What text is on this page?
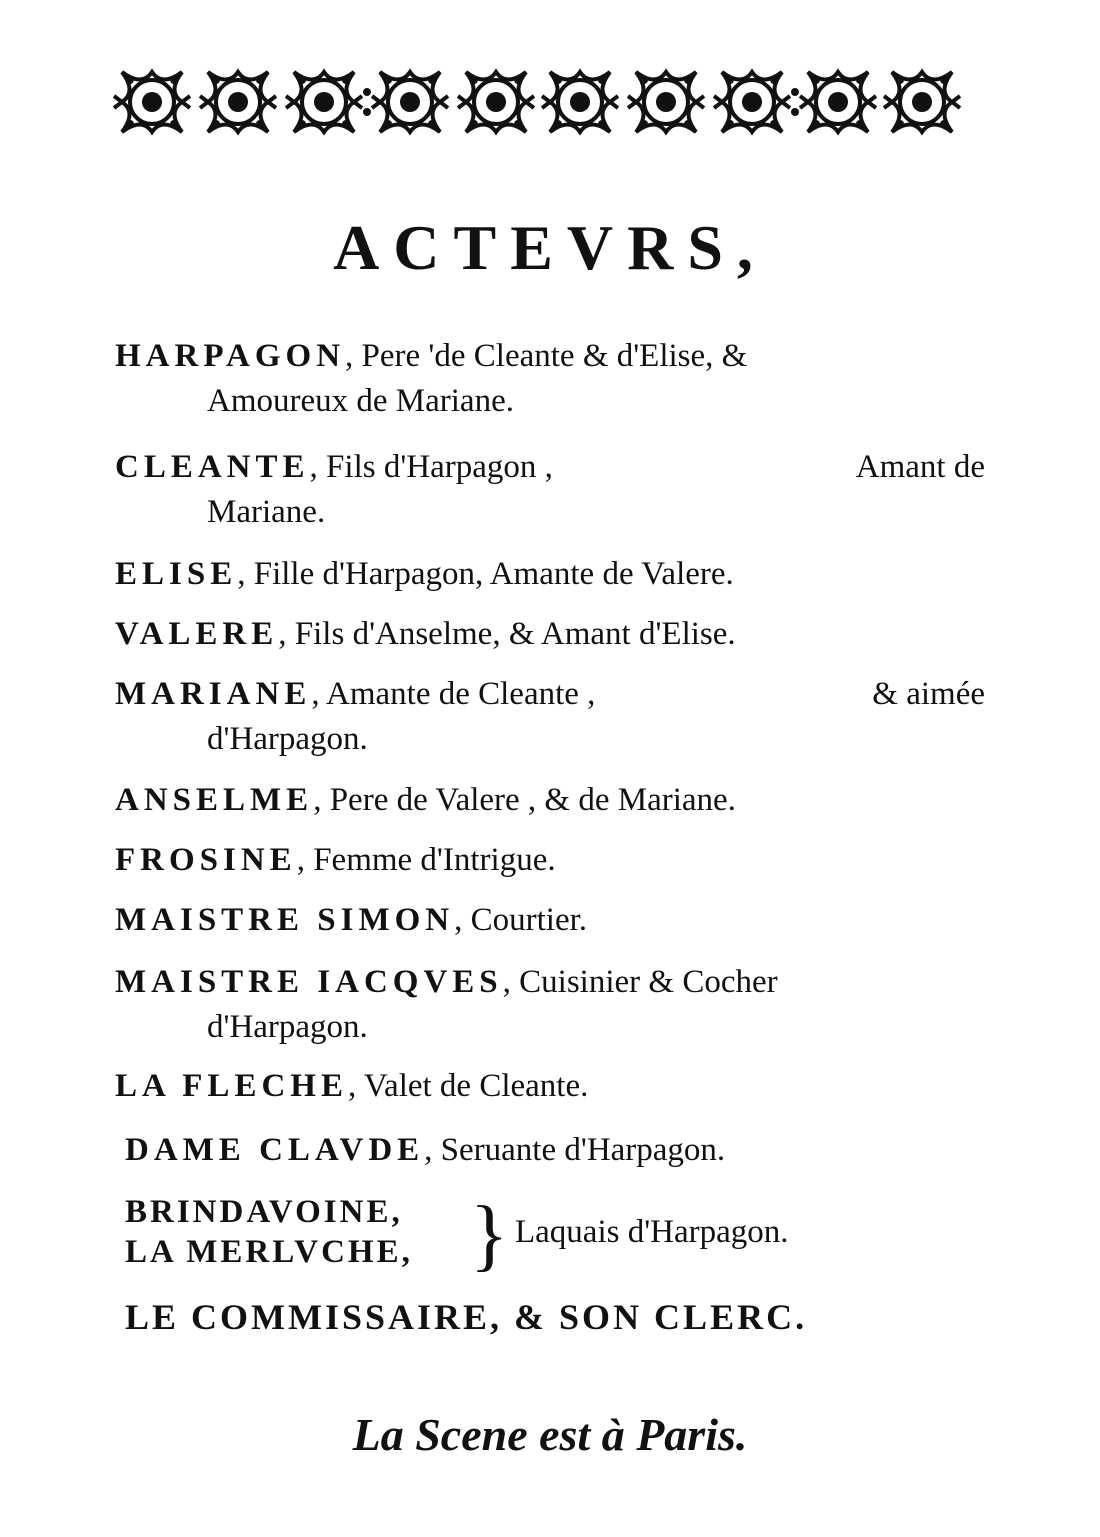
ACTEVRS,
HARPAGON , Pere 'de Cleante & d'Elise, &
Amoureux de Mariane.
CLEANTE, Fils d'Harpagon ,	Amant de
Mariane.
ELISE, Fille d'Harpagon, Amante de Valere.
VALERE, Fils d'Anselme, & Amant d'Elise.
MARIANE, Amante de Cleante ,	& aimée
d'Harpagon.
ANSELME, Pere de Valere , & de Mariane.
FROSINE, Femme d'Intrigue.
MAISTRE SIMON, Courtier.
MAISTRE IACQVES , Cuisinier & Cocher
d'Harpagon.
LA FLECHE, Valet de Cleante.
DAME CLAVDE, Seruante d'Harpagon.
BRINDAVOINE,
LA MERLVCHE, } Laquais d'Harpagon.
LE COMMISSAIRE, & SON CLERC.
La Scene est à Paris.
